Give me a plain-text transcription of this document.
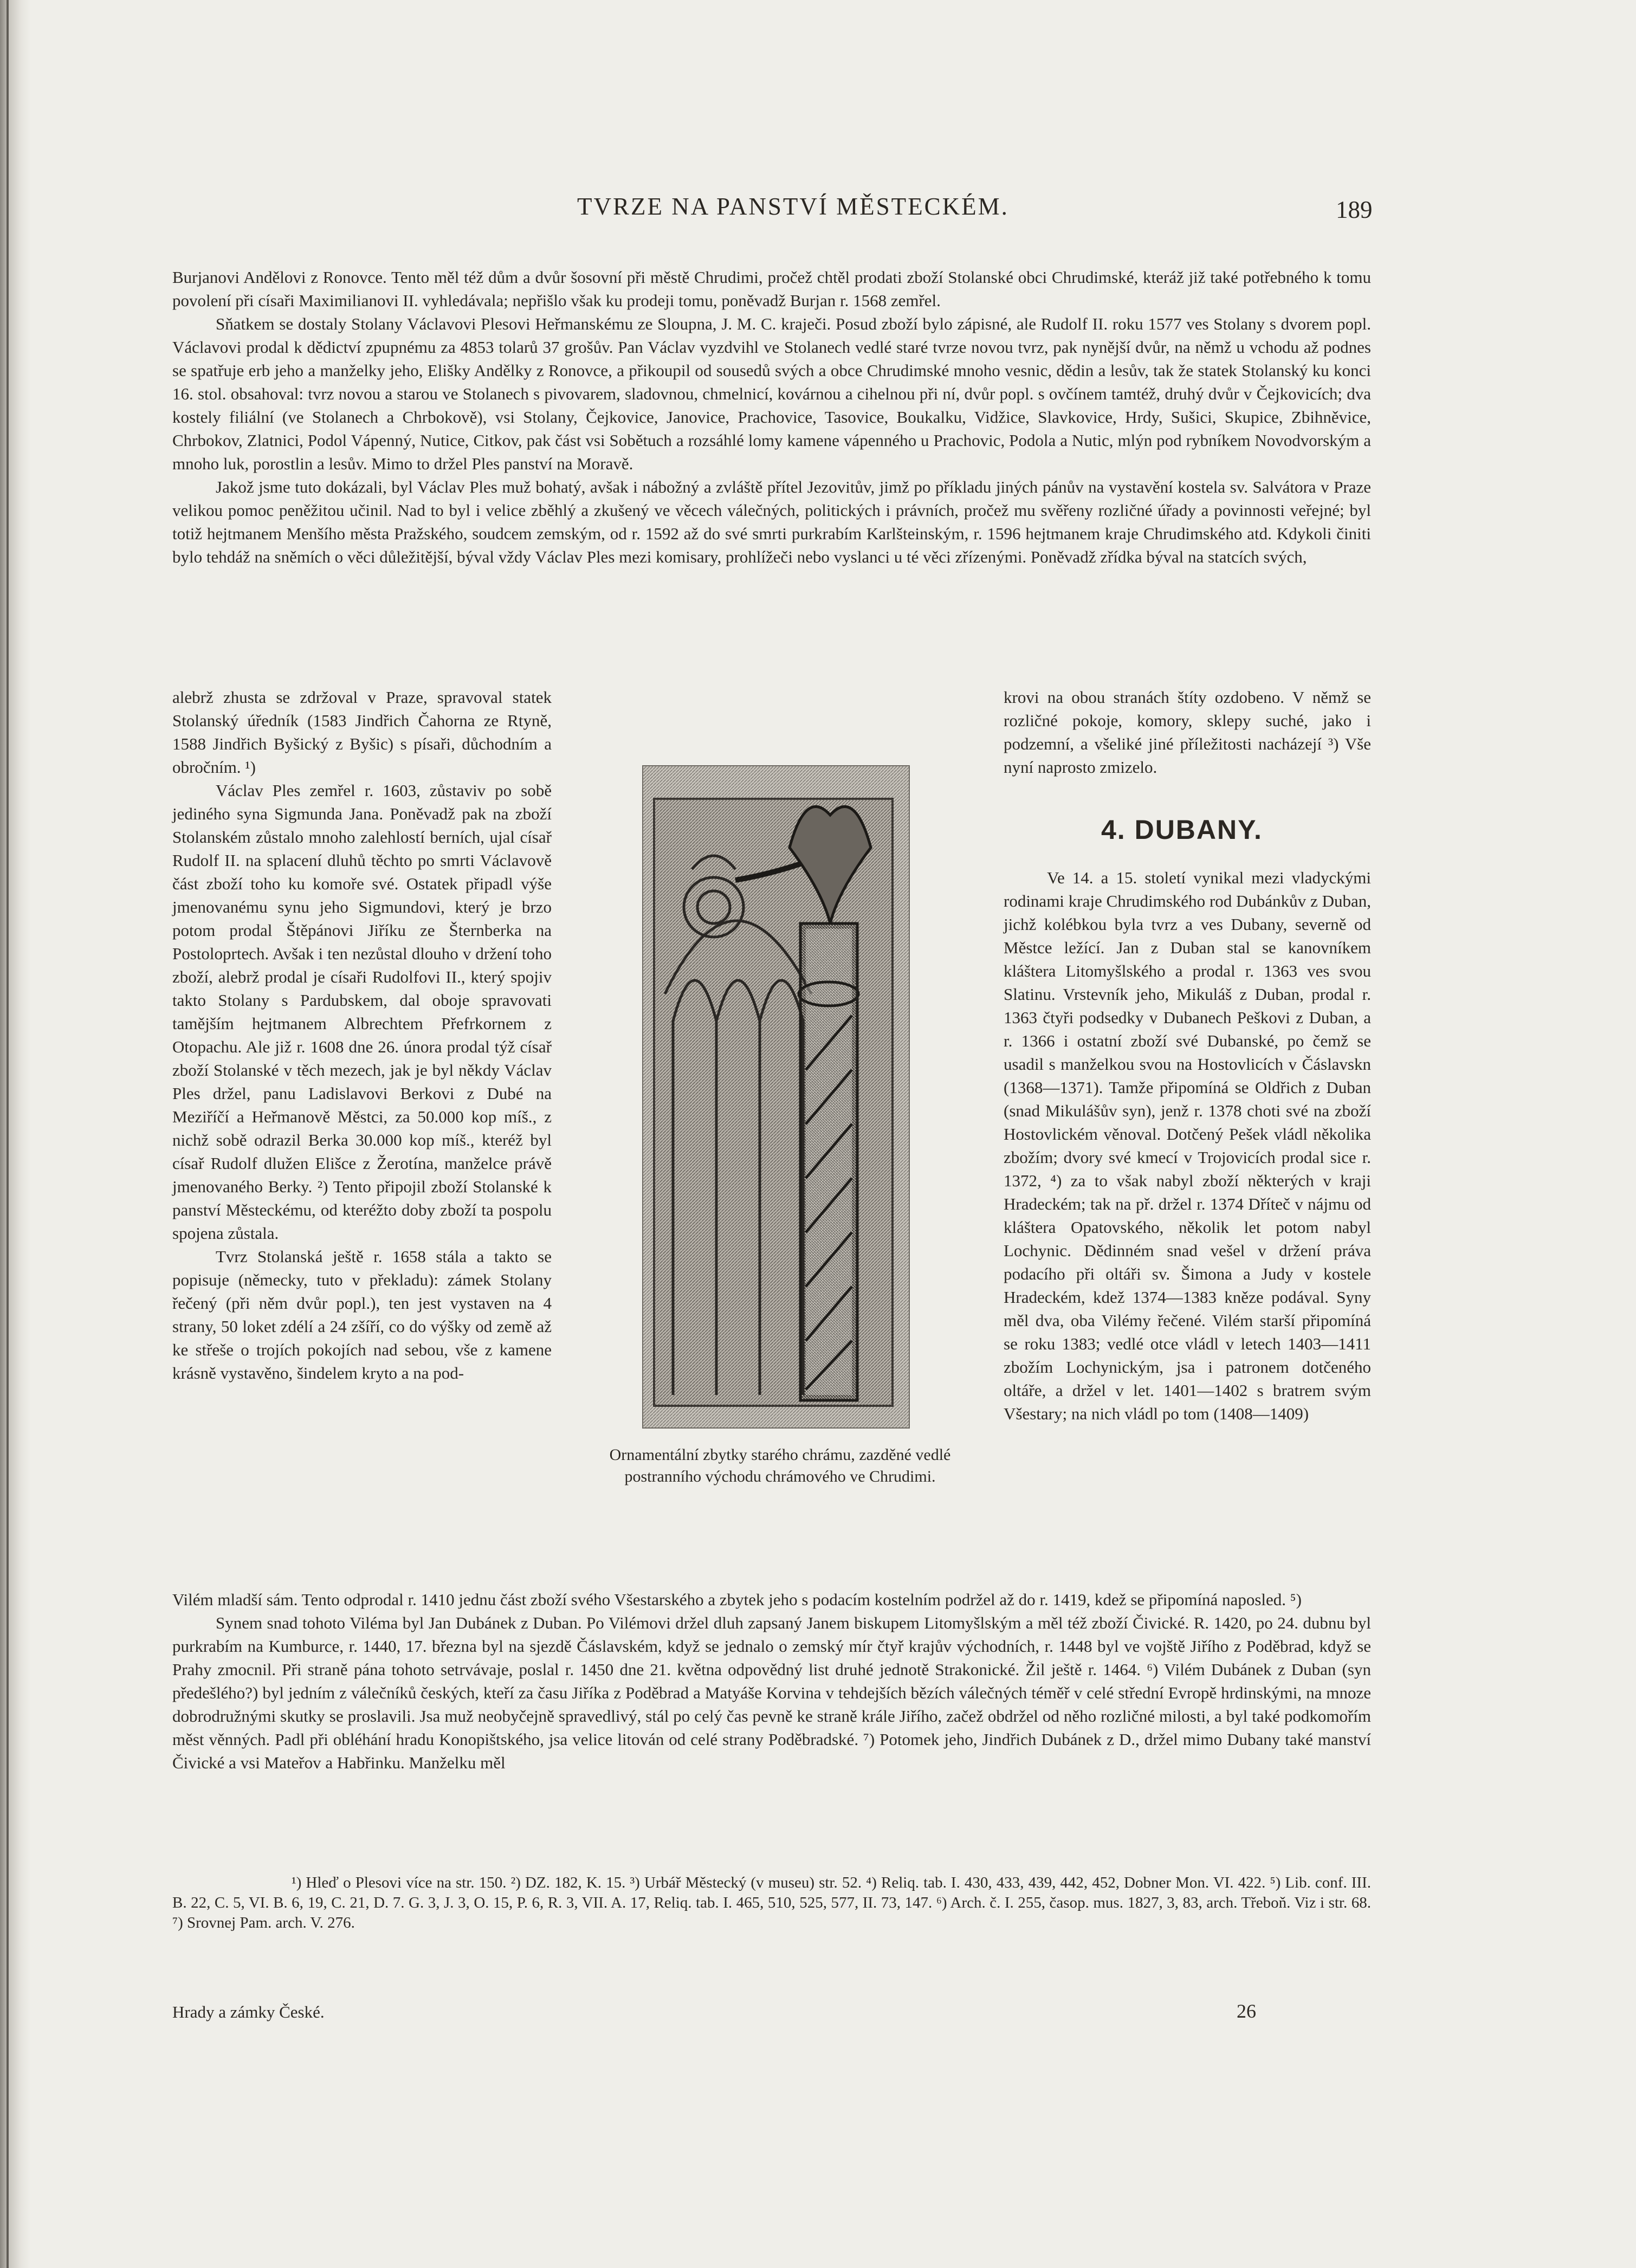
TVRZE NA PANSTVÍ MĚSTECKÉM.	189

Burjanovi Andělovi z Ronovce. Tento měl též dům a dvůr šosovní při městě Chrudimi, pročež chtěl prodati zboží Stolanské obci Chrudimské, kteráž již také potřebného k tomu povolení při císaři Maximilianovi II. vyhledávala; nepřišlo však ku prodeji tomu, poněvadž Burjan r. 1568 zemřel.

Sňatkem se dostaly Stolany Václavovi Plesovi Heřmanskému ze Sloupna, J. M. C. kraječi. Posud zboží bylo zápisné, ale Rudolf II. roku 1577 ves Stolany s dvorem popl. Václavovi prodal k dědictví zpupnému za 4853 tolarů 37 grošův. Pan Václav vyzdvihl ve Stolanech vedlé staré tvrze novou tvrz, pak nynější dvůr, na němž u vchodu až podnes se spatřuje erb jeho a manželky jeho, Elišky Andělky z Ronovce, a přikoupil od sousedů svých a obce Chrudimské mnoho vesnic, dědin a lesův, tak že statek Stolanský ku konci 16. stol. obsahoval: tvrz novou a starou ve Stolanech s pivovarem, sladovnou, chmelnicí, kovárnou a cihelnou při ní, dvůr popl. s ovčínem tamtéž, druhý dvůr v Čejkovicích; dva kostely filiální (ve Stolanech a Chrbokově), vsi Stolany, Čejkovice, Janovice, Prachovice, Tasovice, Boukalku, Vidžice, Slavkovice, Hrdy, Sušici, Skupice, Zbihněvice, Chrbokov, Zlatnici, Podol Vápenný, Nutice, Citkov, pak část vsi Sobětuch a rozsáhlé lomy kamene vápenného u Prachovic, Podola a Nutic, mlýn pod rybníkem Novodvorským a mnoho luk, porostlin a lesův. Mimo to držel Ples panství na Moravě.

Jakož jsme tuto dokázali, byl Václav Ples muž bohatý, avšak i nábožný a zvláště přítel Jezovitův, jimž po příkladu jiných pánův na vystavění kostela sv. Salvátora v Praze velikou pomoc peněžitou učinil. Nad to byl i velice zběhlý a zkušený ve věcech válečných, politických i právních, pročež mu svěřeny rozličné úřady a povinnosti veřejné; byl totiž hejtmanem Menšího města Pražského, soudcem zemským, od r. 1592 až do své smrti purkrabím Karlšteinským, r. 1596 hejtmanem kraje Chrudimského atd. Kdykoli činiti bylo tehdáž na sněmích o věci důležitější, býval vždy Václav Ples mezi komisary, prohlížeči nebo vyslanci u té věci zřízenými. Poněvadž zřídka býval na statcích svých,

alebrž zhusta se zdržoval v Praze, spravoval statek Stolanský úředník (1583 Jindřich Čahorna ze Rtyně, 1588 Jindřich Byšický z Byšic) s písaři, důchodním a obročním. ¹)

Václav Ples zemřel r. 1603, zůstaviv po sobě jediného syna Sigmunda Jana. Poněvadž pak na zboží Stolanském zůstalo mnoho zalehlostí berních, ujal císař Rudolf II. na splacení dluhů těchto po smrti Václavově část zboží toho ku komoře své. Ostatek připadl výše jmenovanému synu jeho Sigmundovi, který je brzo potom prodal Štěpánovi Jiříku ze Šternberka na Postoloprtech. Avšak i ten nezůstal dlouho v držení toho zboží, alebrž prodal je císaři Rudolfovi II., který spojiv takto Stolany s Pardubskem, dal oboje spravovati tamějším hejtmanem Albrechtem Přefrkornem z Otopachu. Ale již r. 1608 dne 26. února prodal týž císař zboží Stolanské v těch mezech, jak je byl někdy Václav Ples držel, panu Ladislavovi Berkovi z Dubé na Meziříčí a Heřmanově Městci, za 50.000 kop míš., z nichž sobě odrazil Berka 30.000 kop míš., kteréž byl císař Rudolf dlužen Elišce z Žerotína, manželce právě jmenovaného Berky. ²) Tento připojil zboží Stolanské k panství Městeckému, od kteréžto doby zboží ta pospolu spojena zůstala.

Tvrz Stolanská ještě r. 1658 stála a takto se popisuje (německy, tuto v překladu): zámek Stolany řečený (při něm dvůr popl.), ten jest vystaven na 4 strany, 50 loket zdélí a 24 zšíří, co do výšky od země až ke střeše o trojích pokojích nad sebou, vše z kamene krásně vystavěno, šindelem kryto a na pod-

Ornamentální zbytky starého chrámu, zazděné vedlé postranního východu chrámového ve Chrudimi.

krovi na obou stranách štíty ozdobeno. V němž se rozličné pokoje, komory, sklepy suché, jako i podzemní, a všeliké jiné příležitosti nacházejí ³) Vše nyní naprosto zmizelo.

4. DUBANY.

Ve 14. a 15. století vynikal mezi vladyckými rodinami kraje Chrudimského rod Dubánkův z Duban, jichž kolébkou byla tvrz a ves Dubany, severně od Městce ležící. Jan z Duban stal se kanovníkem kláštera Litomyšlského a prodal r. 1363 ves svou Slatinu. Vrstevník jeho, Mikuláš z Duban, prodal r. 1363 čtyři podsedky v Dubanech Peškovi z Duban, a r. 1366 i ostatní zboží své Dubanské, po čemž se usadil s manželkou svou na Hostovlicích v Čáslavskn (1368—1371). Tamže připomíná se Oldřich z Duban (snad Mikulášův syn), jenž r. 1378 choti své na zboží Hostovlickém věnoval. Dotčený Pešek vládl několika zbožím; dvory své kmecí v Trojovicích prodal sice r. 1372, ⁴) za to však nabyl zboží některých v kraji Hradeckém; tak na př. držel r. 1374 Dříteč v nájmu od kláštera Opatovského, několik let potom nabyl Lochynic. Dědinném snad vešel v držení práva podacího při oltáři sv. Šimona a Judy v kostele Hradeckém, kdež 1374—1383 kněze podával. Syny měl dva, oba Vilémy řečené. Vilém starší připomíná se roku 1383; vedlé otce vládl v letech 1403—1411 zbožím Lochynickým, jsa i patronem dotčeného oltáře, a držel v let. 1401—1402 s bratrem svým Všestary; na nich vládl po tom (1408—1409)

Vilém mladší sám. Tento odprodal r. 1410 jednu část zboží svého Všestarského a zbytek jeho s podacím kostelním podržel až do r. 1419, kdež se připomíná naposled. ⁵)

Synem snad tohoto Viléma byl Jan Dubánek z Duban. Po Vilémovi držel dluh zapsaný Janem biskupem Litomyšlským a měl též zboží Čivické. R. 1420, po 24. dubnu byl purkrabím na Kumburce, r. 1440, 17. března byl na sjezdě Čáslavském, když se jednalo o zemský mír čtyř krajův východních, r. 1448 byl ve vojště Jiřího z Poděbrad, když se Prahy zmocnil. Při straně pána tohoto setrvávaje, poslal r. 1450 dne 21. května odpovědný list druhé jednotě Strakonické. Žil ještě r. 1464. ⁶) Vilém Dubánek z Duban (syn předešlého?) byl jedním z válečníků českých, kteří za času Jiříka z Poděbrad a Matyáše Korvina v tehdejších bězích válečných téměř v celé střední Evropě hrdinskými, na mnoze dobrodružnými skutky se proslavili. Jsa muž neobyčejně spravedlivý, stál po celý čas pevně ke straně krále Jiřího, začež obdržel od něho rozličné milosti, a byl také podkomořím měst věnných. Padl při obléhání hradu Konopištského, jsa velice litován od celé strany Poděbradské. ⁷) Potomek jeho, Jindřich Dubánek z D., držel mimo Dubany také manství Čivické a vsi Mateřov a Habřinku. Manželku měl

¹) Hleď o Plesovi více na str. 150. ²) DZ. 182, K. 15. ³) Urbář Městecký (v museu) str. 52. ⁴) Reliq. tab. I. 430, 433, 439, 442, 452, Dobner Mon. VI. 422. ⁵) Lib. conf. III. B. 22, C. 5, VI. B. 6, 19, C. 21, D. 7. G. 3, J. 3, O. 15, P. 6, R. 3, VII. A. 17, Reliq. tab. I. 465, 510, 525, 577, II. 73, 147. ⁶) Arch. č. I. 255, časop. mus. 1827, 3, 83, arch. Třeboň. Viz i str. 68. ⁷) Srovnej Pam. arch. V. 276.
Hrady a zámky České.	26
